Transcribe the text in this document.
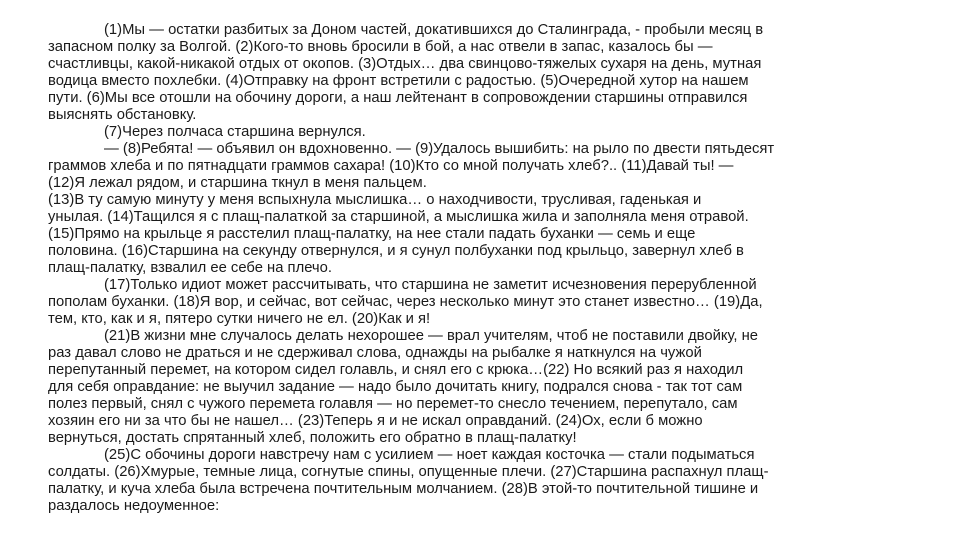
(1)Мы — остатки разбитых за Доном частей, докатившихся до Сталинграда, - пробыли месяц в
запасном полку за Волгой. (2)Кого-то вновь бросили в бой, а нас отвели в запас, казалось бы —
счастливцы, какой-никакой отдых от окопов. (3)Отдых… два свинцово-тяжелых сухаря на день, мутная
водица вместо похлебки. (4)Отправку на фронт встретили с радостью. (5)Очередной хутор на нашем
пути. (6)Мы все отошли на обочину дороги, а наш лейтенант в сопровождении старшины отправился
выяснять обстановку.
(7)Через полчаса старшина вернулся.
— (8)Ребята! — объявил он вдохновенно. — (9)Удалось вышибить: на рыло по двести пятьдесят
граммов хлеба и по пятнадцати граммов сахара! (10)Кто со мной получать хлеб?.. (11)Давай ты! —
(12)Я лежал рядом, и старшина ткнул в меня пальцем.
(13)В ту самую минуту у меня вспыхнула мыслишка… о находчивости, трусливая, гаденькая и
унылая. (14)Тащился я с плащ-палаткой за старшиной, а мыслишка жила и заполняла меня отравой.
(15)Прямо на крыльце я расстелил плащ-палатку, на нее стали падать буханки — семь и еще
половина. (16)Старшина на секунду отвернулся, и я сунул полбуханки под крыльцо, завернул хлеб в
плащ-палатку, взвалил ее себе на плечо.
(17)Только идиот может рассчитывать, что старшина не заметит исчезновения перерубленной
пополам буханки. (18)Я вор, и сейчас, вот сейчас, через несколько минут это станет известно… (19)Да,
тем, кто, как и я, пятеро сутки ничего не ел. (20)Как и я!
(21)В жизни мне случалось делать нехорошее — врал учителям, чтоб не поставили двойку, не
раз давал слово не драться и не сдерживал слова, однажды на рыбалке я наткнулся на чужой
перепутанный перемет, на котором сидел голавль, и снял его с крюка…(22) Но всякий раз я находил
для себя оправдание: не выучил задание — надо было дочитать книгу, подрался снова - так тот сам
полез первый, снял с чужого перемета голавля — но перемет-то снесло течением, перепутало, сам
хозяин его ни за что бы не нашел… (23)Теперь я и не искал оправданий. (24)Ох, если б можно
вернуться, достать спрятанный хлеб, положить его обратно в плащ-палатку!
(25)С обочины дороги навстречу нам с усилием — ноет каждая косточка — стали подыматься
солдаты. (26)Хмурые, темные лица, согнутые спины, опущенные плечи. (27)Старшина распахнул плащ-
палатку, и куча хлеба была встречена почтительным молчанием. (28)В этой-то почтительной тишине и
раздалось недоуменное:
